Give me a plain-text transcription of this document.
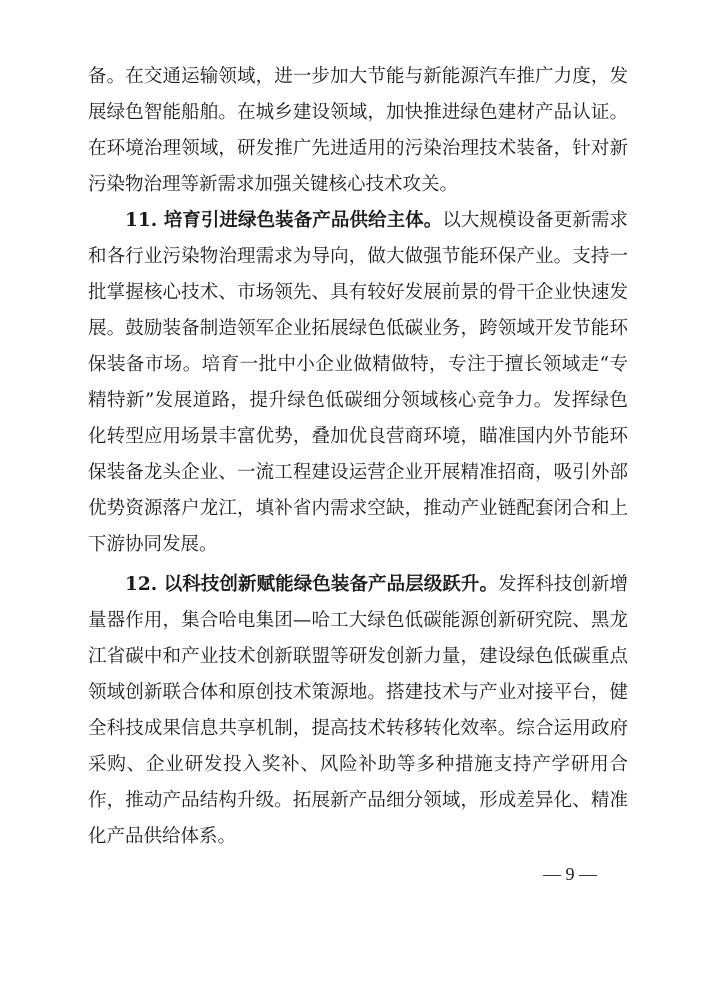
备。在交通运输领域，进一步加大节能与新能源汽车推广力度，发展绿色智能船舶。在城乡建设领域，加快推进绿色建材产品认证。在环境治理领域，研发推广先进适用的污染治理技术装备，针对新污染物治理等新需求加强关键核心技术攻关。
11. 培育引进绿色装备产品供给主体。以大规模设备更新需求和各行业污染物治理需求为导向，做大做强节能环保产业。支持一批掌握核心技术、市场领先、具有较好发展前景的骨干企业快速发展。鼓励装备制造领军企业拓展绿色低碳业务，跨领域开发节能环保装备市场。培育一批中小企业做精做特，专注于擅长领域走“专精特新”发展道路，提升绿色低碳细分领域核心竞争力。发挥绿色化转型应用场景丰富优势，叠加优良营商环境，瞄准国内外节能环保装备龙头企业、一流工程建设运营企业开展精准招商，吸引外部优势资源落户龙江，填补省内需求空缺，推动产业链配套闭合和上下游协同发展。
12. 以科技创新赋能绿色装备产品层级跃升。发挥科技创新增量器作用，集合哈电集团—哈工大绿色低碳能源创新研究院、黑龙江省碳中和产业技术创新联盟等研发创新力量，建设绿色低碳重点领域创新联合体和原创技术策源地。搭建技术与产业对接平台，健全科技成果信息共享机制，提高技术转移转化效率。综合运用政府采购、企业研发投入奖补、风险补助等多种措施支持产学研用合作，推动产品结构升级。拓展新产品细分领域，形成差异化、精准化产品供给体系。
— 9 —
